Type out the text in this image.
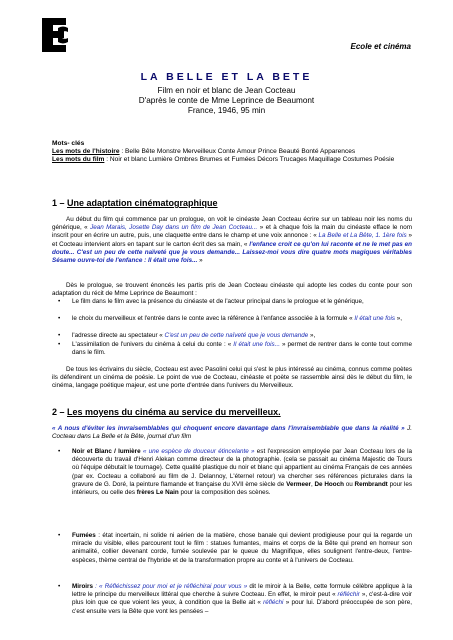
Ecole et cinéma
LA BELLE ET LA BETE
Film en noir et blanc de Jean Cocteau
D'après le conte de Mme Leprince de Beaumont
France, 1946, 95 min
Mots- clés
Les mots de l'histoire : Belle Bête Monstre Merveilleux Conte Amour Prince Beauté Bonté Apparences
Les mots du film : Noir et blanc Lumière Ombres Brumes et Fumées Décors Trucages Maquillage Costumes Poésie
1 – Une adaptation cinématographique
Au début du film qui commence par un prologue, on voit le cinéaste Jean Cocteau écrire sur un tableau noir les noms du générique, « Jean Marais, Josette Day dans un film de Jean Cocteau... » et à chaque fois la main du cinéaste efface le nom inscrit pour en écrire un autre, puis, une claquette entre dans le champ et une voix annonce : « La Belle et La Bête, 1. 1ère fois » et Cocteau intervient alors en tapant sur le carton écrit des sa main, « l'enfance croit ce qu'on lui raconte et ne le met pas en doute... C'est un peu de cette naïveté que je vous demande... Laissez-moi vous dire quatre mots magiques véritables Sésame ouvre-toi de l'enfance : Il était une fois... »
Dès le prologue, se trouvent énoncés les partis pris de Jean Cocteau cinéaste qui adopte les codes du conte pour son adaptation du récit de Mme Leprince de Beaumont :
•	Le film dans le film avec la présence du cinéaste et de l'acteur principal dans le prologue et le générique,
•	le choix du merveilleux et l'entrée dans le conte avec la référence à l'enfance associée à la formule « Il était une fois »,
•	l'adresse directe au spectateur « C'est un peu de cette naïveté que je vous demande »,
•	L'assimilation de l'univers du cinéma à celui du conte : « Il était une fois... » permet de rentrer dans le conte tout comme dans le film.
De tous les écrivains du siècle, Cocteau est avec Pasolini celui qui s'est le plus intéressé au cinéma, connus comme poètes ils défendirent un cinéma de poésie. Le point de vue de Cocteau, cinéaste et poète se rassemble ainsi dès le début du film, le cinéma, langage poétique majeur, est une porte d'entrée dans l'univers du Merveilleux.
2 – Les moyens du cinéma au service du merveilleux.
« A nous d'éviter les invraisemblables qui choquent encore davantage dans l'invraisemblable que dans la réalité » J. Cocteau dans La Belle et la Bête, journal d'un film
•	Noir et Blanc / lumière « une espèce de douceur étincelante » est l'expression employée par Jean Cocteau lors de la découverte du travail d'Henri Alekan comme directeur de la photographie. (cela se passait au cinéma Majestic de Tours où l'équipe débutait le tournage). Cette qualité plastique du noir et blanc qui appartient au cinéma Français de ces années (par ex. Cocteau a collaboré au film de J. Delannoy, L'éternel retour) va chercher ses références picturales dans la gravure de G. Doré, la peinture flamande et française du XVII ème siècle de Vermeer, De Hooch ou Rembrandt pour les intérieurs, ou celle des frères Le Nain pour la composition des scènes.
•	Fumées : état incertain, ni solide ni aérien de la matière, chose banale qui devient prodigieuse pour qui la regarde un miracle du visible, elles parcourent tout le film : statues fumantes, mains et corps de la Bête qui prend en horreur son animalité, collier devenant corde, fumée soulevée par le queue du Magnifique, elles soulignent l'entre-deux, l'entre- espèces, thème central de l'hybride et de la transformation propre au conte et à l'univers de Cocteau.
•	Miroirs : « Réfléchissez pour moi et je réfléchirai pour vous » dit le miroir à la Belle, cette formule célèbre applique à la lettre le principe du merveilleux littéral que cherche à suivre Cocteau. En effet, le miroir peut « réfléchir », c'est-à-dire voir plus loin que ce que voient les yeux, à condition que la Belle ait « réfléchi » pour lui. D'abord préoccupée de son père, c'est ensuite vers la Bête que vont les pensées –
